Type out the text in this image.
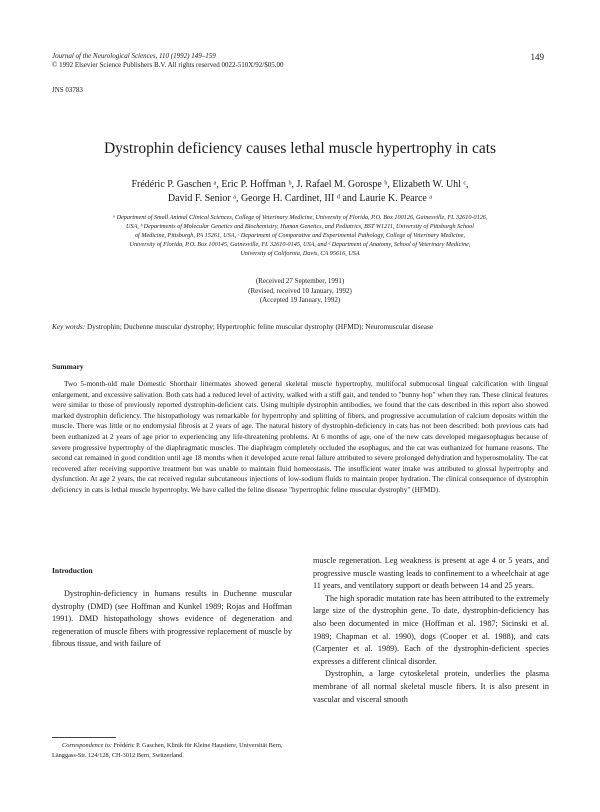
Journal of the Neurological Sciences, 110 (1992) 149–159
© 1992 Elsevier Science Publishers B.V. All rights reserved 0022-510X/92/$05.00
149
JNS 03783
Dystrophin deficiency causes lethal muscle hypertrophy in cats
Frédéric P. Gaschen ᵃ, Eric P. Hoffman ᵇ, J. Rafael M. Gorospe ᵇ, Elizabeth W. Uhl ᶜ,
David F. Senior ᵃ, George H. Cardinet, III ᵈ and Laurie K. Pearce ᵃ
ᵃ Department of Small Animal Clinical Sciences, College of Veterinary Medicine, University of Florida, P.O. Box 100126, Gainesville, FL 32610-0126,
USA, ᵇ Departments of Molecular Genetics and Biochemistry, Human Genetics, and Pediatrics, BST W1211, University of Pittsburgh School
of Medicine, Pittsburgh, PA 15261, USA, ᶜ Department of Comparative and Experimental Pathology, College of Veterinary Medicine,
University of Florida, P.O. Box 100145, Gainesville, FL 32610-0145, USA, and ᵈ Department of Anatomy, School of Veterinary Medicine,
University of California, Davis, CA 95616, USA
(Received 27 September, 1991)
(Revised, received 10 January, 1992)
(Accepted 19 January, 1992)
Key words: Dystrophin; Duchenne muscular dystrophy; Hypertrophic feline muscular dystrophy (HFMD); Neuromuscular disease
Summary
Two 5-month-old male Domestic Shorthair littermates showed general skeletal muscle hypertrophy, multifocal submucosal lingual calcification with lingual enlargement, and excessive salivation. Both cats had a reduced level of activity, walked with a stiff gait, and tended to "bunny hop" when they ran. These clinical features were similar to those of previously reported dystrophin-deficient cats. Using multiple dystrophin antibodies, we found that the cats described in this report also showed marked dystrophin deficiency. The histopathology was remarkable for hypertrophy and splitting of fibers, and progressive accumulation of calcium deposits within the muscle. There was little or no endomysial fibrosis at 2 years of age. The natural history of dystrophin-deficiency in cats has not been described: both previous cats had been euthanized at 2 years of age prior to experiencing any life-threatening problems. At 6 months of age, one of the new cats developed megaesophagus because of severe progressive hypertrophy of the diaphragmatic muscles. The diaphragm completely occluded the esophagus, and the cat was euthanized for humane reasons. The second cat remained in good condition until age 18 months when it developed acute renal failure attributed to severe prolonged dehydration and hyperosmolality. The cat recovered after receiving supportive treatment but was unable to maintain fluid homeostasis. The insufficient water intake was attributed to glossal hypertrophy and dysfunction. At age 2 years, the cat received regular subcutaneous injections of low-sodium fluids to maintain proper hydration. The clinical consequence of dystrophin deficiency in cats is lethal muscle hypertrophy. We have called the feline disease "hypertrophic feline muscular dystrophy" (HFMD).
Introduction
Dystrophin-deficiency in humans results in Duchenne muscular dystrophy (DMD) (see Hoffman and Kunkel 1989; Rojas and Hoffman 1991). DMD histopathology shows evidence of degeneration and regeneration of muscle fibers with progressive replacement of muscle by fibrous tissue, and with failure of

muscle regeneration. Leg weakness is present at age 4 or 5 years, and progressive muscle wasting leads to confinement to a wheelchair at age 11 years, and ventilatory support or death between 14 and 25 years.

The high sporadic mutation rate has been attributed to the extremely large size of the dystrophin gene. To date, dystrophin-deficiency has also been documented in mice (Hoffman et al. 1987; Sicinski et al. 1989; Chapman et al. 1990), dogs (Cooper et al. 1988), and cats (Carpenter et al. 1989). Each of the dystrophin-deficient species expresses a different clinical disorder.

Dystrophin, a large cytoskeletal protein, underlies the plasma membrane of all normal skeletal muscle fibers. It is also present in vascular and visceral smooth

Correspondence to: Frédéric P. Gaschen, Klinik für Kleine Haustiere, Universität Bern, Länggass-Str. 124/128, CH-3012 Bern, Switzerland.
